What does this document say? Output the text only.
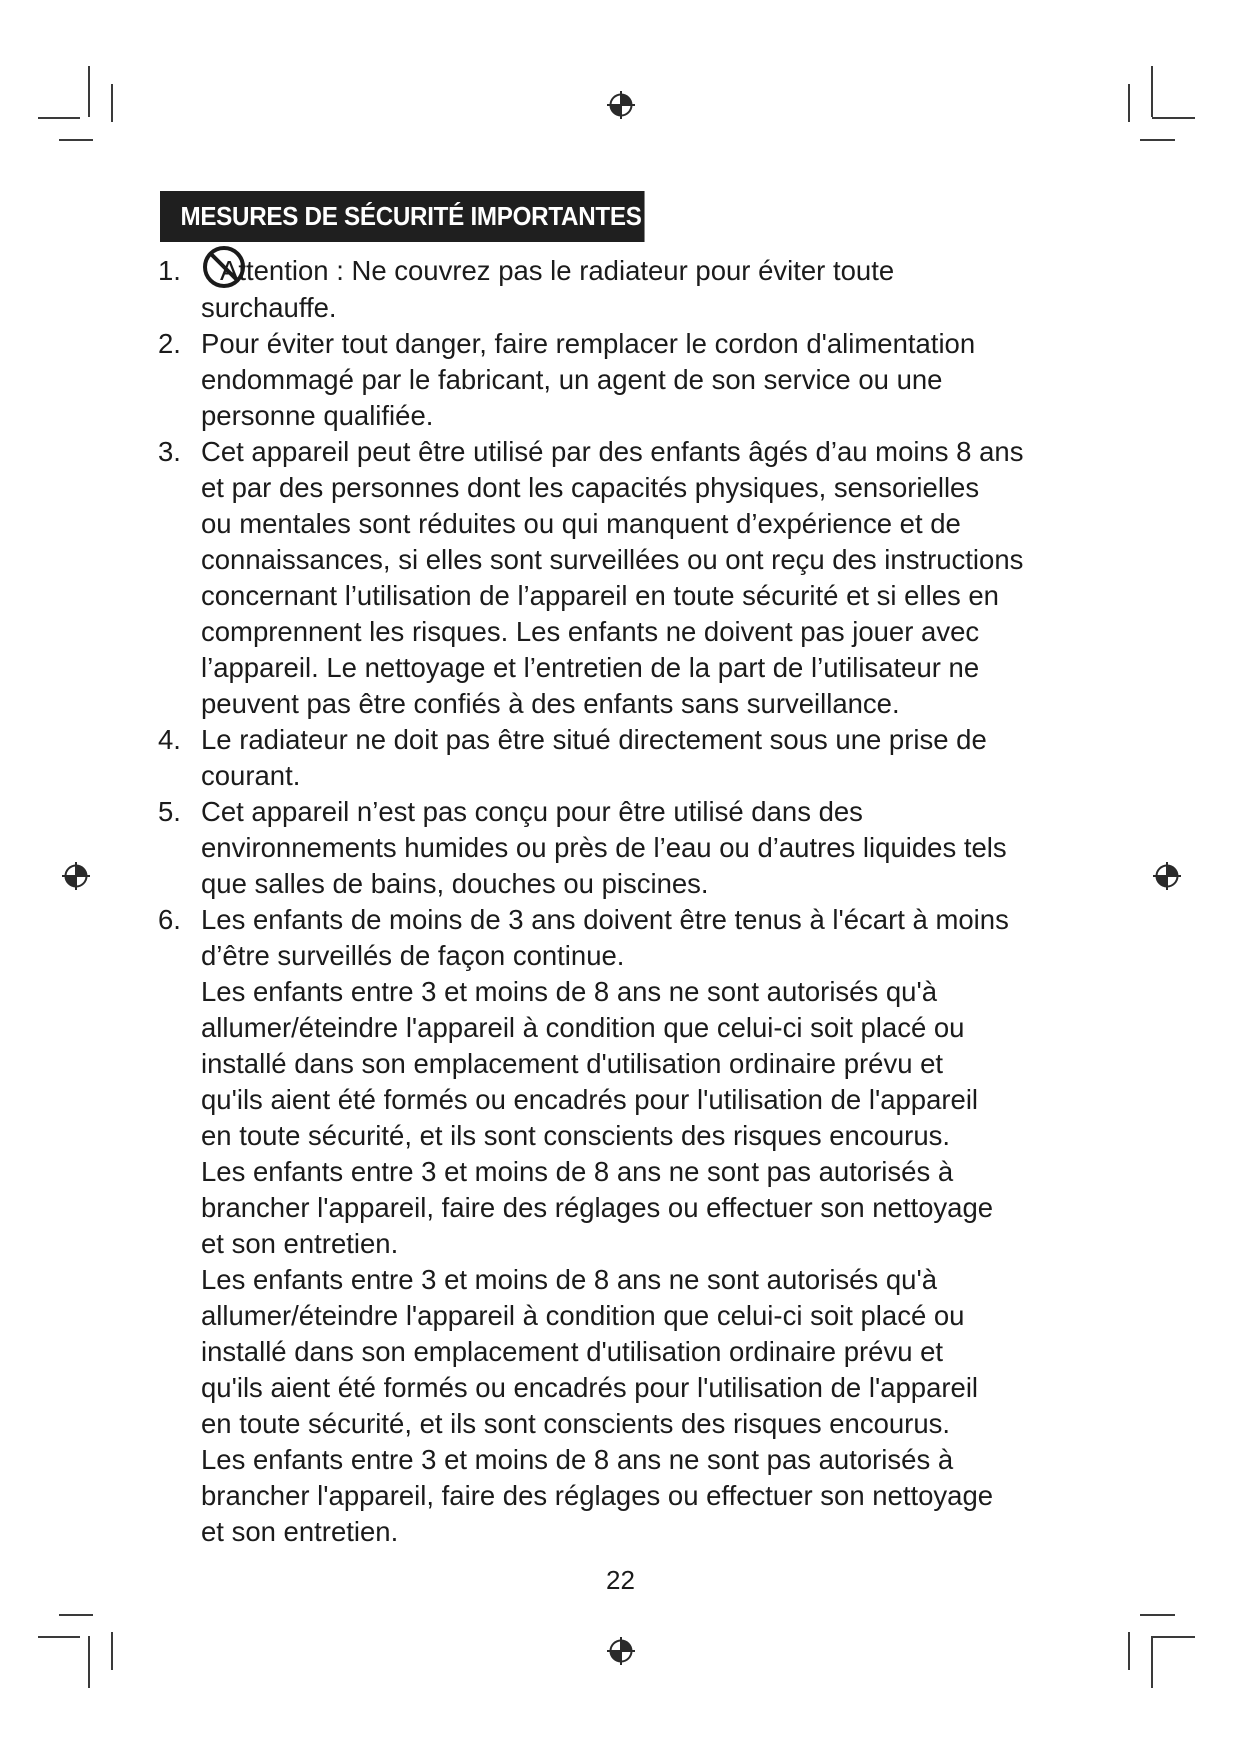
MESURES DE SÉCURITÉ IMPORTANTES
1.	Attention : Ne couvrez pas le radiateur pour éviter toute
surchauffe.
2. Pour éviter tout danger, faire remplacer le cordon d'alimentation
endommagé par le fabricant, un agent de son service ou une
personne qualifiée.
3. Cet appareil peut être utilisé par des enfants âgés d’au moins 8 ans
et par des personnes dont les capacités physiques, sensorielles
ou mentales sont réduites ou qui manquent d’expérience et de
connaissances, si elles sont surveillées ou ont reçu des instructions
concernant l’utilisation de l’appareil en toute sécurité et si elles en
comprennent les risques. Les enfants ne doivent pas jouer avec
l’appareil. Le nettoyage et l’entretien de la part de l’utilisateur ne
peuvent pas être confiés à des enfants sans surveillance.
4. Le radiateur ne doit pas être situé directement sous une prise de
courant.
5. Cet appareil n’est pas conçu pour être utilisé dans des
environnements humides ou près de l’eau ou d’autres liquides tels
que salles de bains, douches ou piscines.
6. Les enfants de moins de 3 ans doivent être tenus à l'écart à moins
d’être surveillés de façon continue.
Les enfants entre 3 et moins de 8 ans ne sont autorisés qu'à
allumer/éteindre l'appareil à condition que celui-ci soit placé ou
installé dans son emplacement d'utilisation ordinaire prévu et
qu'ils aient été formés ou encadrés pour l'utilisation de l'appareil
en toute sécurité, et ils sont conscients des risques encourus.
Les enfants entre 3 et moins de 8 ans ne sont pas autorisés à
brancher l'appareil, faire des réglages ou effectuer son nettoyage
et son entretien.
Les enfants entre 3 et moins de 8 ans ne sont autorisés qu'à
allumer/éteindre l'appareil à condition que celui-ci soit placé ou
installé dans son emplacement d'utilisation ordinaire prévu et
qu'ils aient été formés ou encadrés pour l'utilisation de l'appareil
en toute sécurité, et ils sont conscients des risques encourus.
Les enfants entre 3 et moins de 8 ans ne sont pas autorisés à
brancher l'appareil, faire des réglages ou effectuer son nettoyage
et son entretien.
22
